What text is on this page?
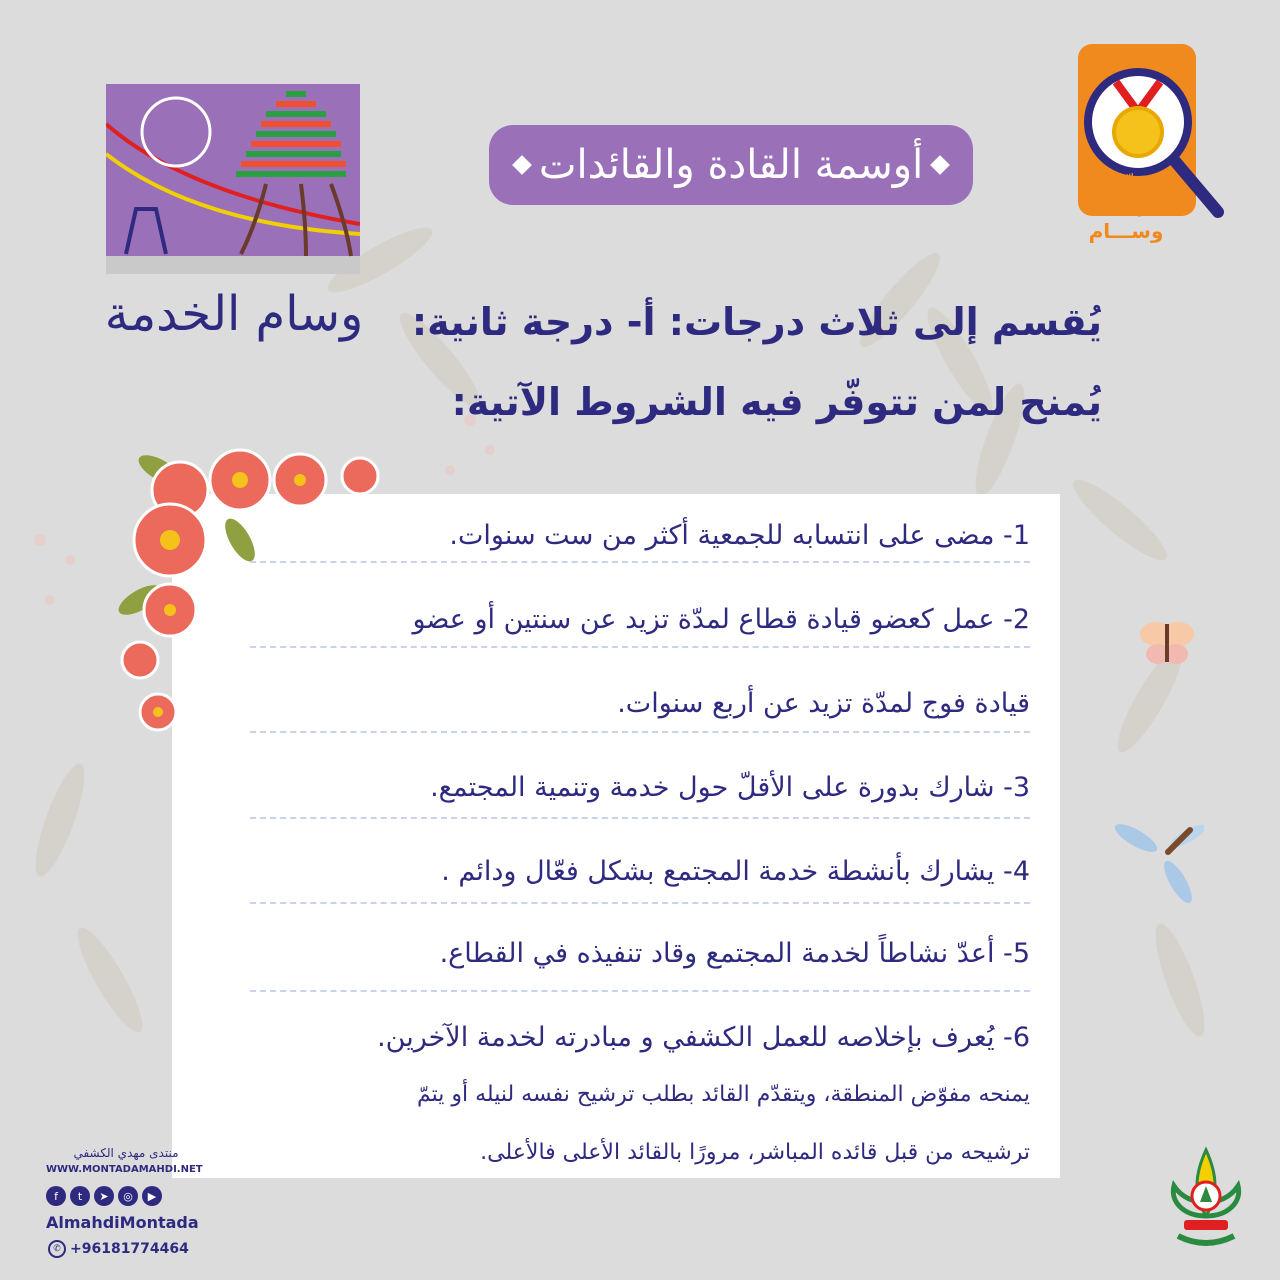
أوسمة القادة والقائدات
وسام الخدمة
تعرّف إلى
وســـام
يُقسم إلى ثلاث درجات: أ- درجة ثانية:
يُمنح لمن تتوفّر فيه الشروط الآتية:
1- مضى على انتسابه للجمعية أكثر من ست سنوات.
2- عمل كعضو قيادة قطاع لمدّة تزيد عن سنتين أو عضو
قيادة فوج لمدّة تزيد عن أربع سنوات.
3- شارك بدورة على الأقلّ حول خدمة وتنمية المجتمع.
4- يشارك بأنشطة خدمة المجتمع بشكل فعّال ودائم .
5- أعدّ نشاطاً لخدمة المجتمع وقاد تنفيذه في القطاع.
6- يُعرف بإخلاصه للعمل الكشفي و مبادرته لخدمة الآخرين.
يمنحه مفوّض المنطقة، ويتقدّم القائد بطلب ترشيح نفسه لنيله أو يتمّ
ترشيحه من قبل قائده المباشر، مرورًا بالقائد الأعلى فالأعلى.
منتدى مهدي الكشفي
WWW.MONTADAMAHDI.NET
f	t	➤	◎	▶
AlmahdiMontada
✆ +96181774464
